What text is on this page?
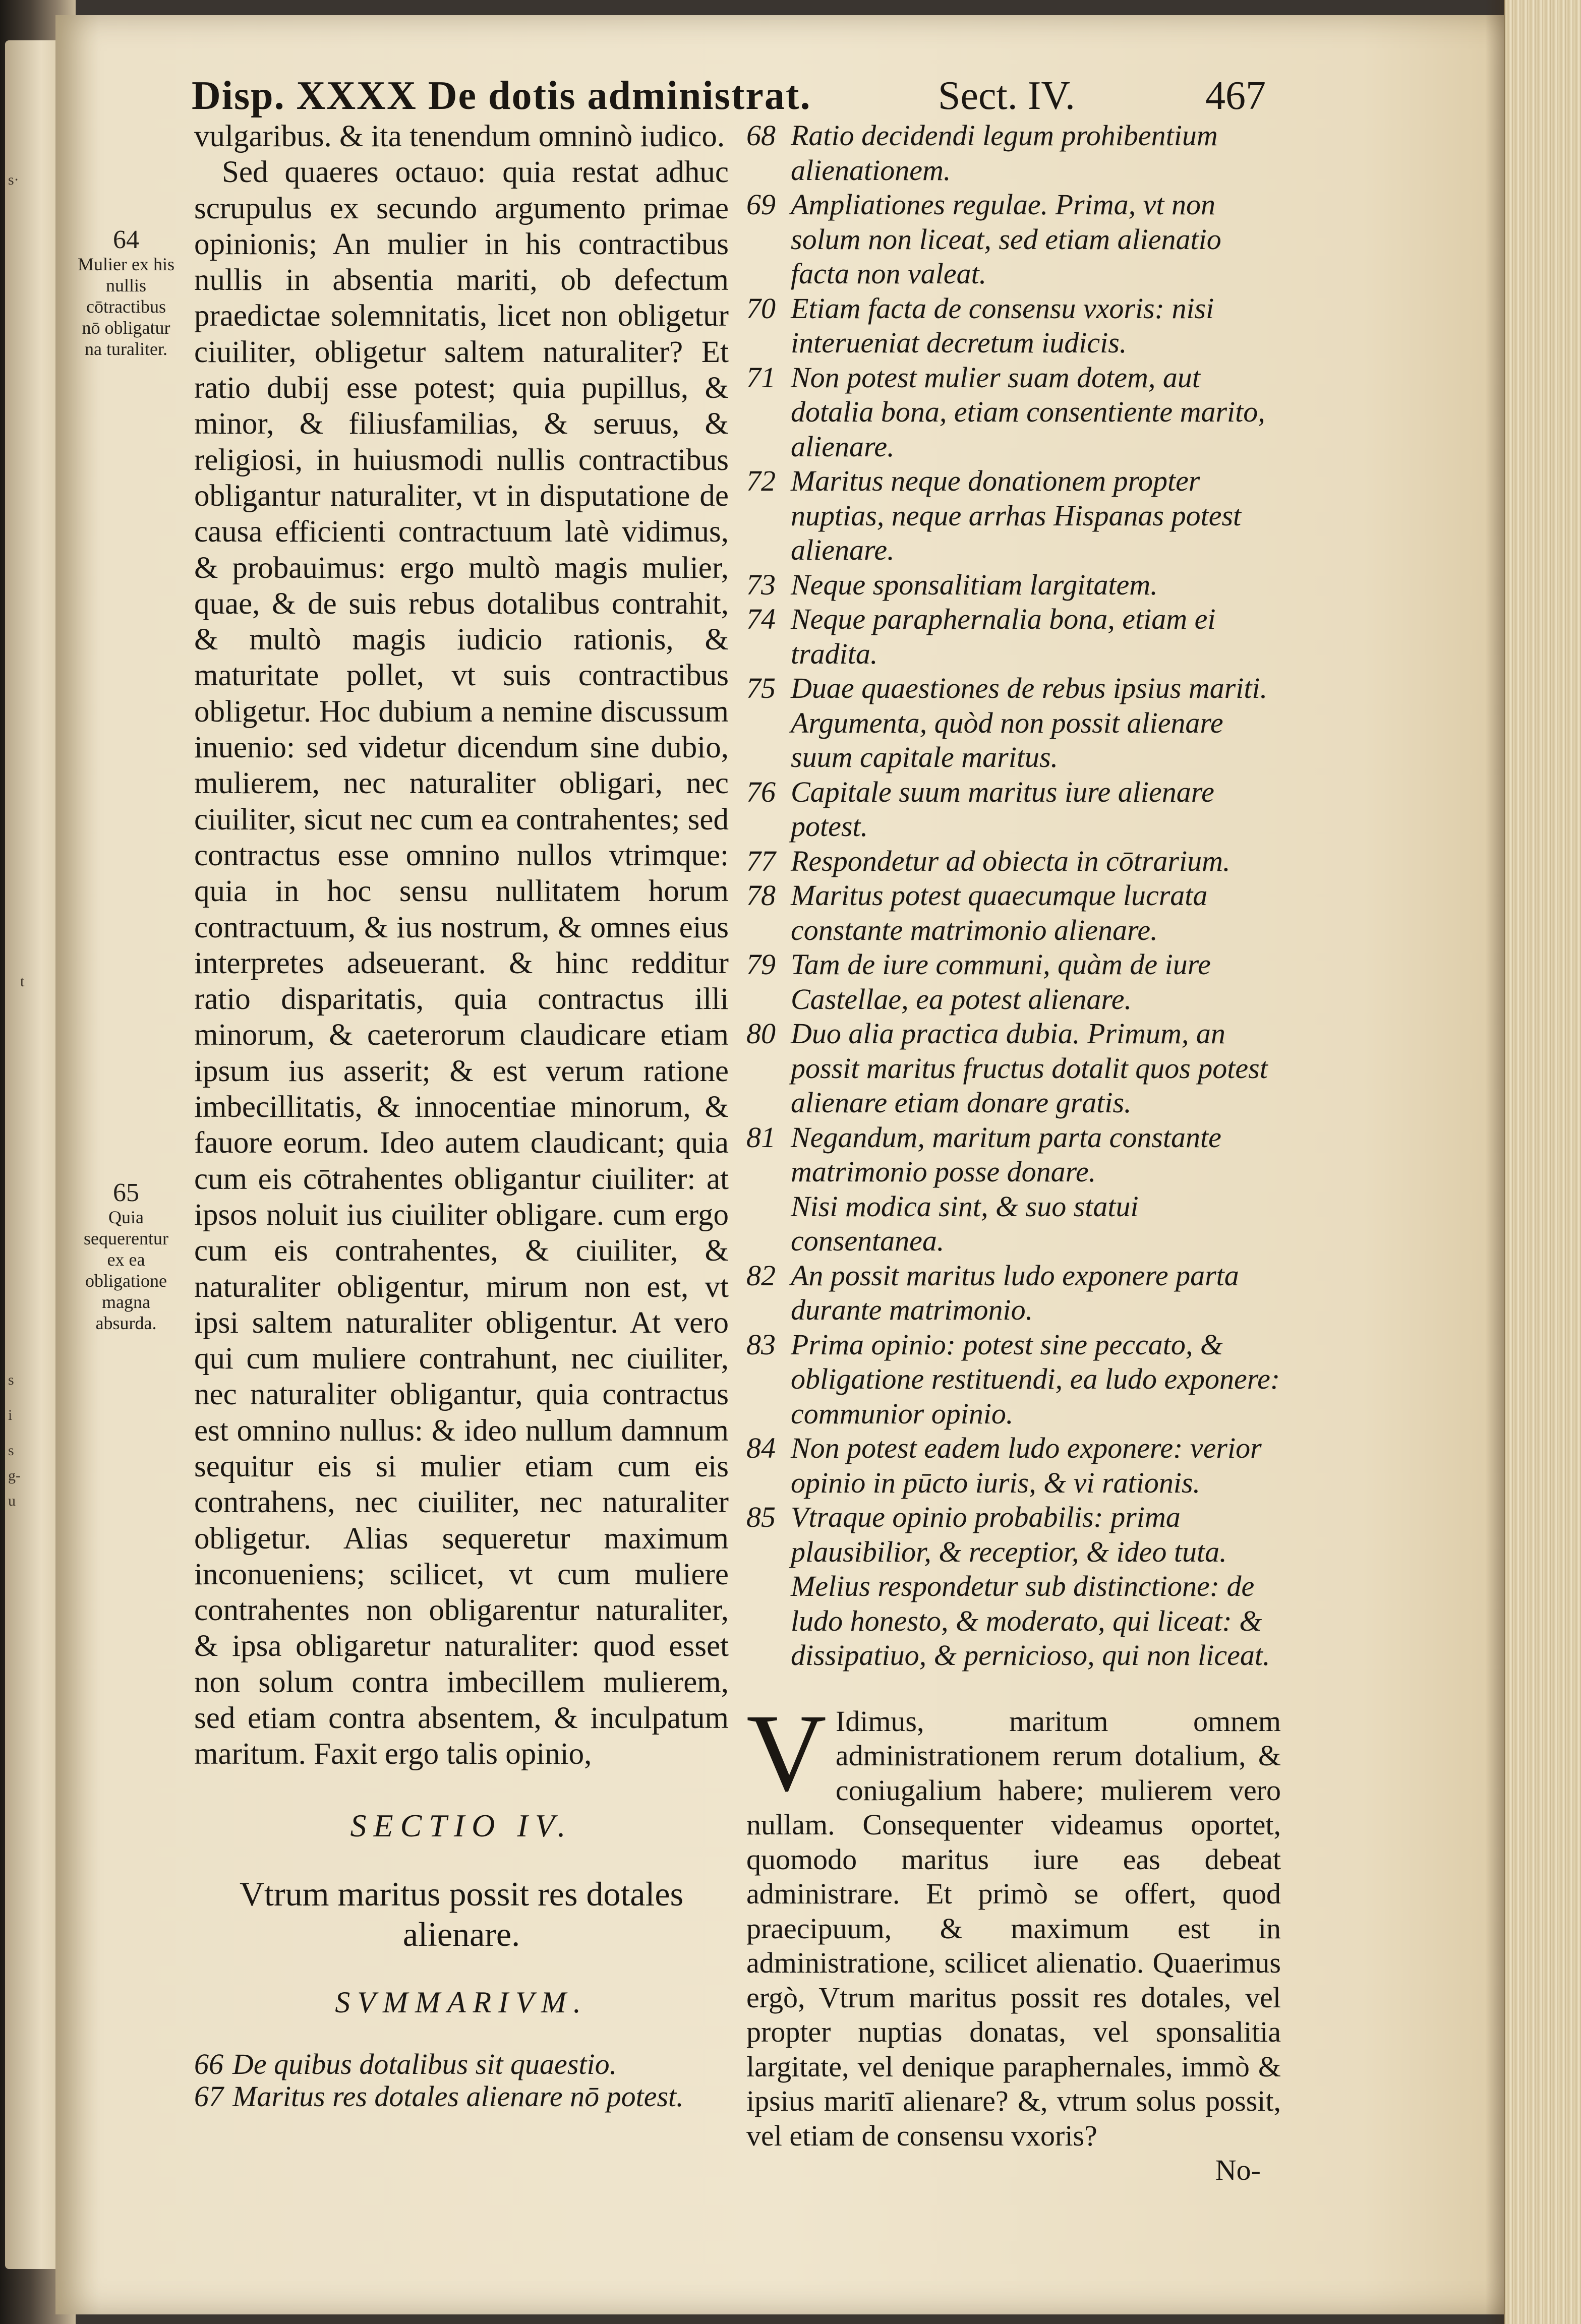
s·
t
s
i
s
g-
u
Disp. XXXX De dotis administrat.	Sect. IV.	467
64
Mulier ex his nullis cōtractibus nō obligatur na turaliter.
65
Quia sequerentur ex ea obligatione magna absurda.

vulgaribus. & ita tenendum omninò iudico.

Sed quaeres octauo: quia restat adhuc scrupulus ex secundo argumento primae opinionis; An mulier in his contractibus nullis in absentia mariti, ob defectum praedictae solemnitatis, licet non obligetur ciuiliter, obligetur saltem naturaliter? Et ratio dubij esse potest; quia pupillus, & minor, & filiusfamilias, & seruus, & religiosi, in huiusmodi nullis contractibus obligantur naturaliter, vt in disputatione de causa efficienti contractuum latè vidimus, & probauimus: ergo multò magis mulier, quae, & de suis rebus dotalibus contrahit, & multò magis iudicio rationis, & maturitate pollet, vt suis contractibus obligetur. Hoc dubium a nemine discussum inuenio: sed videtur dicendum sine dubio, mulierem, nec naturaliter obligari, nec ciuiliter, sicut nec cum ea contrahentes; sed contractus esse omnino nullos vtrimque: quia in hoc sensu nullitatem horum contractuum, & ius nostrum, & omnes eius interpretes adseuerant. & hinc redditur ratio disparitatis, quia contractus illi minorum, & caeterorum claudicare etiam ipsum ius asserit; & est verum ratione imbecillitatis, & innocentiae minorum, & fauore eorum. Ideo autem claudicant; quia cum eis cōtrahentes obligantur ciuiliter: at ipsos noluit ius ciuiliter obligare. cum ergo cum eis contrahentes, & ciuiliter, & naturaliter obligentur, mirum non est, vt ipsi saltem naturaliter obligentur. At vero qui cum muliere contrahunt, nec ciuiliter, nec naturaliter obligantur, quia contractus est omnino nullus: & ideo nullum damnum sequitur eis si mulier etiam cum eis contrahens, nec ciuiliter, nec naturaliter obligetur. Alias sequeretur maximum inconueniens; scilicet, vt cum muliere contrahentes non obligarentur naturaliter, & ipsa obligaretur naturaliter: quod esset non solum contra imbecillem mulierem, sed etiam contra absentem, & inculpatum maritum. Faxit ergo talis opinio,

SECTIO IV.
Vtrum maritus possit res dotales alienare.
SVMMARIVM.
66 De quibus dotalibus sit quaestio.
67 Maritus res dotales alienare nō potest.
68 Ratio decidendi legum prohibentium alienationem.
69 Ampliationes regulae. Prima, vt non solum non liceat, sed etiam alienatio facta non valeat.
70 Etiam facta de consensu vxoris: nisi interueniat decretum iudicis.
71 Non potest mulier suam dotem, aut dotalia bona, etiam consentiente marito, alienare.
72 Maritus neque donationem propter nuptias, neque arrhas Hispanas potest alienare.
73 Neque sponsalitiam largitatem.
74 Neque paraphernalia bona, etiam ei tradita.
75 Duae quaestiones de rebus ipsius mariti.
Argumenta, quòd non possit alienare suum capitale maritus.
76 Capitale suum maritus iure alienare potest.
77 Respondetur ad obiecta in cōtrarium.
78 Maritus potest quaecumque lucrata constante matrimonio alienare.
79 Tam de iure communi, quàm de iure Castellae, ea potest alienare.
80 Duo alia practica dubia. Primum, an possit maritus fructus dotalit quos potest alienare etiam donare gratis.
81 Negandum, maritum parta constante matrimonio posse donare.
Nisi modica sint, & suo statui consentanea.
82 An possit maritus ludo exponere parta durante matrimonio.
83 Prima opinio: potest sine peccato, & obligatione restituendi, ea ludo exponere: communior opinio.
84 Non potest eadem ludo exponere: verior opinio in pūcto iuris, & vi rationis.
85 Vtraque opinio probabilis: prima plausibilior, & receptior, & ideo tuta.
Melius respondetur sub distinctione: de ludo honesto, & moderato, qui liceat: & dissipatiuo, & pernicioso, qui non liceat.

V Idimus, maritum omnem administrationem rerum dotalium, & coniugalium habere; mulierem vero nullam. Consequenter videamus oportet, quomodo maritus iure eas debeat administrare. Et primò se offert, quod praecipuum, & maximum est in administratione, scilicet alienatio. Quaerimus ergò, Vtrum maritus possit res dotales, vel propter nuptias donatas, vel sponsalitia largitate, vel denique paraphernales, immò & ipsius maritī alienare? &, vtrum solus possit, vel etiam de consensu vxoris?

No-
